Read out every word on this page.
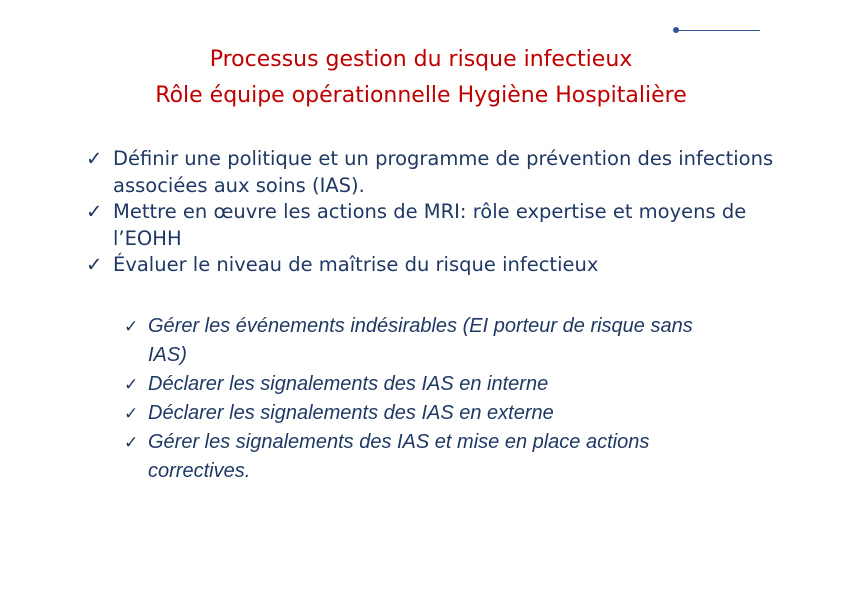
Processus gestion du risque infectieux
Rôle équipe opérationnelle Hygiène Hospitalière
✓ Définir une politique et un programme de prévention des infections associées aux soins (IAS).
✓ Mettre en œuvre les actions de MRI: rôle expertise et moyens de l’EOHH
✓ Évaluer le niveau de maîtrise du risque infectieux
✓ Gérer les événements indésirables (EI porteur de risque sans IAS)
✓ Déclarer les signalements des IAS en interne
✓ Déclarer les signalements des IAS en externe
✓ Gérer les signalements des IAS et mise en place actions correctives.
